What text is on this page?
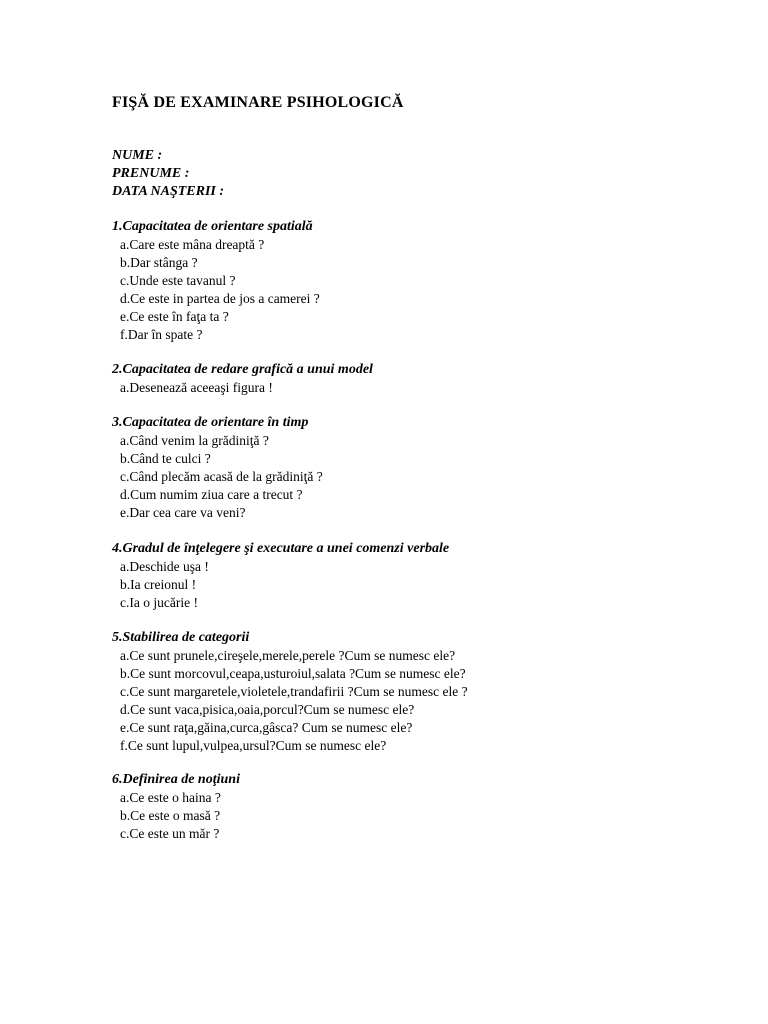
FIŞĂ DE EXAMINARE PSIHOLOGICĂ
NUME :
PRENUME :
DATA NAŞTERII :
1.Capacitatea de orientare spatială
a.Care este mâna dreaptă ?
b.Dar stânga ?
c.Unde este tavanul ?
d.Ce este in partea de jos a camerei ?
e.Ce este în faţa ta ?
f.Dar în spate ?
2.Capacitatea de redare grafică a unui model
a.Desenează aceeaşi figura !
3.Capacitatea de orientare în timp
a.Când venim la grădiniţă ?
b.Când te culci ?
c.Când plecăm acasă de la grădiniţă ?
d.Cum numim ziua care a trecut ?
e.Dar cea care va veni?
4.Gradul de înţelegere şi executare a unei comenzi verbale
a.Deschide uşa !
b.Ia creionul !
c.Ia o jucărie !
5.Stabilirea de categorii
a.Ce sunt prunele,cireşele,merele,perele ?Cum se numesc ele?
b.Ce sunt morcovul,ceapa,usturoiul,salata ?Cum se numesc ele?
c.Ce sunt margaretele,violetele,trandafirii ?Cum se numesc ele ?
d.Ce sunt vaca,pisica,oaia,porcul?Cum se numesc ele?
e.Ce sunt raţa,găina,curca,gâsca? Cum se numesc ele?
f.Ce sunt lupul,vulpea,ursul?Cum se numesc ele?
6.Definirea de noţiuni
a.Ce este o haina ?
b.Ce este o masă ?
c.Ce este un măr ?
